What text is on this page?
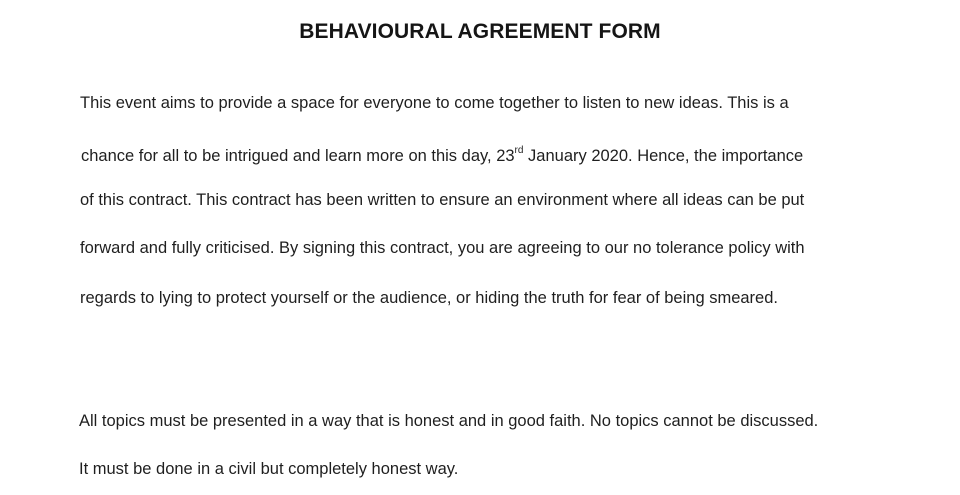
BEHAVIOURAL AGREEMENT FORM
This event aims to provide a space for everyone to come together to listen to new ideas. This is a
chance for all to be intrigued and learn more on this day, 23rd January 2020. Hence, the importance
of this contract. This contract has been written to ensure an environment where all ideas can be put
forward and fully criticised. By signing this contract, you are agreeing to our no tolerance policy with
regards to lying to protect yourself or the audience, or hiding the truth for fear of being smeared.
All topics must be presented in a way that is honest and in good faith. No topics cannot be discussed.
It must be done in a civil but completely honest way.
